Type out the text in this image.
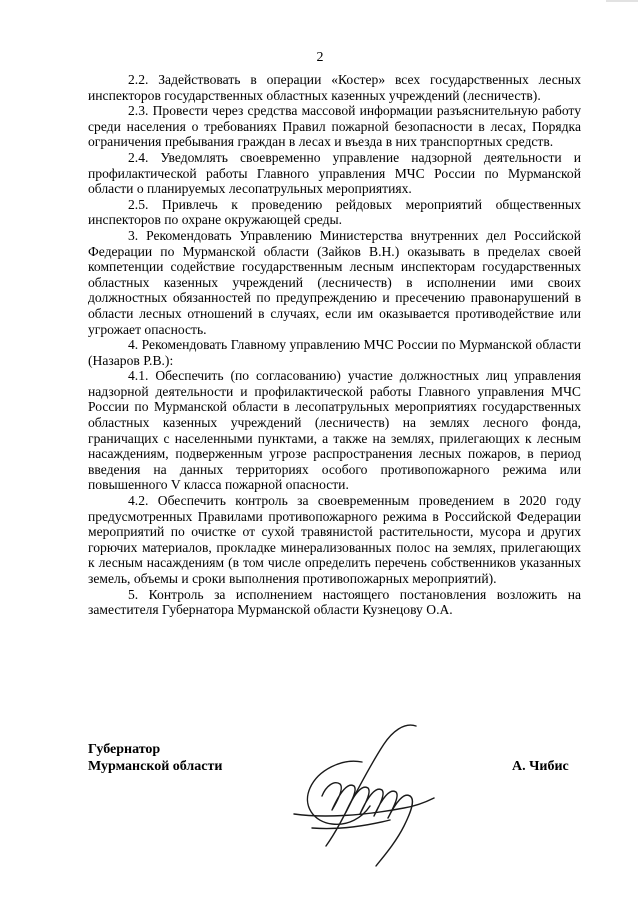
2

2.2. Задействовать в операции «Костер» всех государственных лесных инспекторов государственных областных казенных учреждений (лесничеств).

2.3. Провести через средства массовой информации разъяснительную работу среди населения о требованиях Правил пожарной безопасности в лесах, Порядка ограничения пребывания граждан в лесах и въезда в них транспортных средств.

2.4. Уведомлять своевременно управление надзорной деятельности и профилактической работы Главного управления МЧС России по Мурманской области о планируемых лесопатрульных мероприятиях.

2.5. Привлечь к проведению рейдовых мероприятий общественных инспекторов по охране окружающей среды.

3. Рекомендовать Управлению Министерства внутренних дел Российской Федерации по Мурманской области (Зайков В.Н.) оказывать в пределах своей компетенции содействие государственным лесным инспекторам государственных областных казенных учреждений (лесничеств) в исполнении ими своих должностных обязанностей по предупреждению и пресечению правонарушений в области лесных отношений в случаях, если им оказывается противодействие или угрожает опасность.

4. Рекомендовать Главному управлению МЧС России по Мурманской области (Назаров Р.В.):

4.1. Обеспечить (по согласованию) участие должностных лиц управления надзорной деятельности и профилактической работы Главного управления МЧС России по Мурманской области в лесопатрульных мероприятиях государственных областных казенных учреждений (лесничеств) на землях лесного фонда, граничащих с населенными пунктами, а также на землях, прилегающих к лесным насаждениям, подверженным угрозе распространения лесных пожаров, в период введения на данных территориях особого противопожарного режима или повышенного V класса пожарной опасности.

4.2. Обеспечить контроль за своевременным проведением в 2020 году предусмотренных Правилами противопожарного режима в Российской Федерации мероприятий по очистке от сухой травянистой растительности, мусора и других горючих материалов, прокладке минерализованных полос на землях, прилегающих к лесным насаждениям (в том числе определить перечень собственников указанных земель, объемы и сроки выполнения противопожарных мероприятий).

5. Контроль за исполнением настоящего постановления возложить на заместителя Губернатора Мурманской области Кузнецову О.А.

Губернатор
Мурманской области	А. Чибис
